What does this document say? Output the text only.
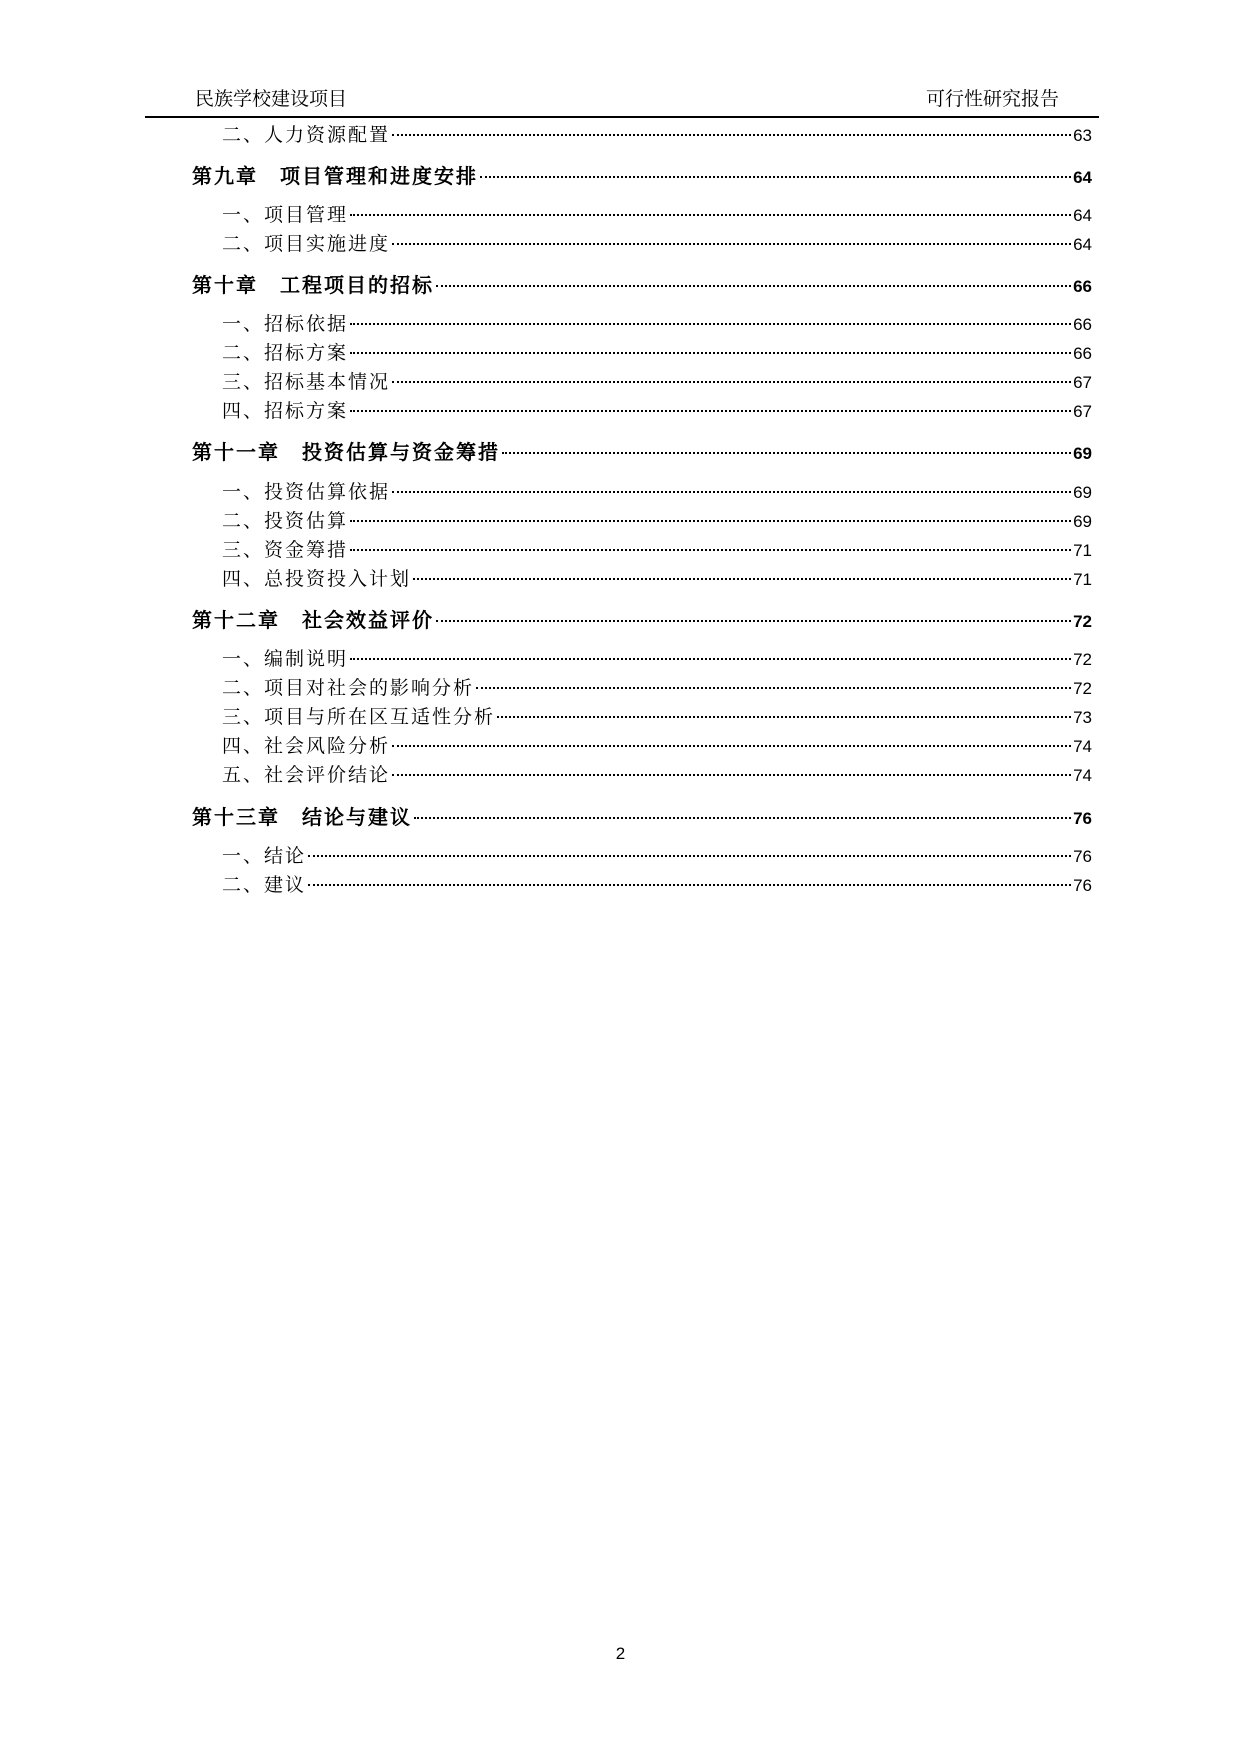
民族学校建设项目	可行性研究报告
二、人力资源配置	63
第九章　项目管理和进度安排	64
一、项目管理	64
二、项目实施进度	64
第十章　工程项目的招标	66
一、招标依据	66
二、招标方案	66
三、招标基本情况	67
四、招标方案	67
第十一章　投资估算与资金筹措	69
一、投资估算依据	69
二、投资估算	69
三、资金筹措	71
四、总投资投入计划	71
第十二章　社会效益评价	72
一、编制说明	72
二、项目对社会的影响分析	72
三、项目与所在区互适性分析	73
四、社会风险分析	74
五、社会评价结论	74
第十三章　结论与建议	76
一、结论	76
二、建议	76
2
